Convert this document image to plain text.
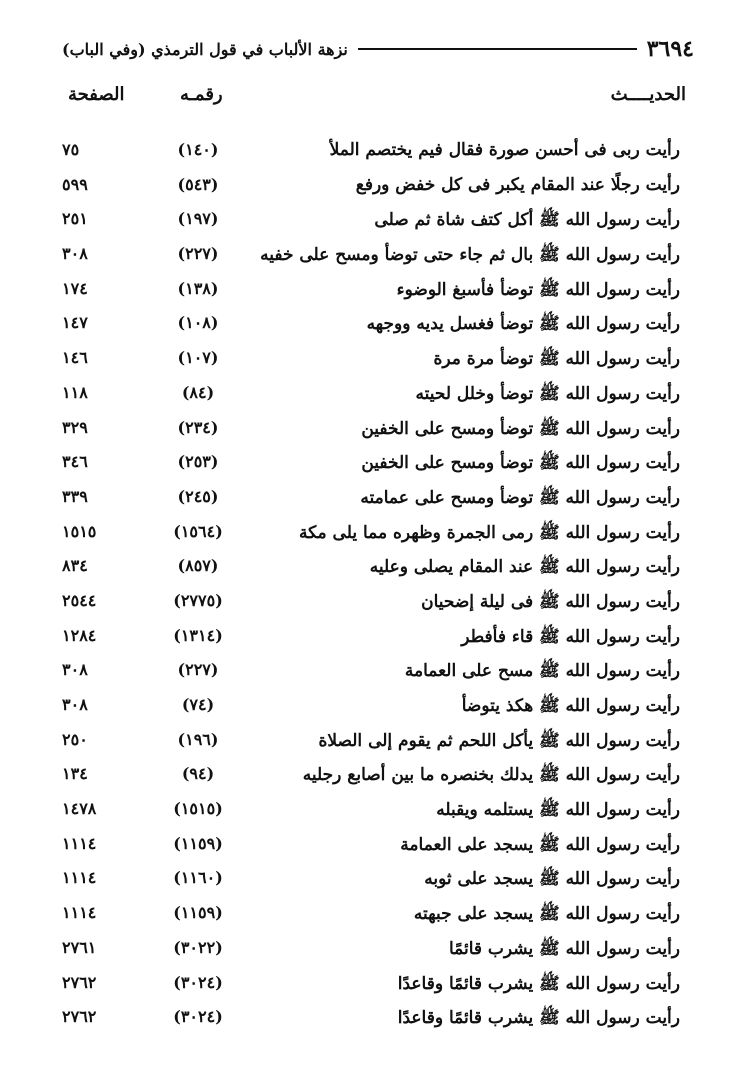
٣٦٩٤
نزهة الألباب في قول الترمذي (وفي الباب)
الحديــــث
رقمـه
الصفحة
رأيت ربى فى أحسن صورة فقال فيم يختصم الملأ
(١٤٠)
٧٥
رأيت رجلًا عند المقام يكبر فى كل خفض ورفع
(٥٤٣)
٥٩٩
رأيت رسول الله ﷺ أكل كتف شاة ثم صلى
(١٩٧)
٢٥١
رأيت رسول الله ﷺ بال ثم جاء حتى توضأ ومسح على خفيه
(٢٢٧)
٣٠٨
رأيت رسول الله ﷺ توضأ فأسبغ الوضوء
(١٣٨)
١٧٤
رأيت رسول الله ﷺ توضأ فغسل يديه ووجهه
(١٠٨)
١٤٧
رأيت رسول الله ﷺ توضأ مرة مرة
(١٠٧)
١٤٦
رأيت رسول الله ﷺ توضأ وخلل لحيته
(٨٤)
١١٨
رأيت رسول الله ﷺ توضأ ومسح على الخفين
(٢٣٤)
٣٢٩
رأيت رسول الله ﷺ توضأ ومسح على الخفين
(٢٥٣)
٣٤٦
رأيت رسول الله ﷺ توضأ ومسح على عمامته
(٢٤٥)
٣٣٩
رأيت رسول الله ﷺ رمى الجمرة وظهره مما يلى مكة
(١٥٦٤)
١٥١٥
رأيت رسول الله ﷺ عند المقام يصلى وعليه
(٨٥٧)
٨٣٤
رأيت رسول الله ﷺ فى ليلة إضحيان
(٢٧٧٥)
٢٥٤٤
رأيت رسول الله ﷺ قاء فأفطر
(١٣١٤)
١٢٨٤
رأيت رسول الله ﷺ مسح على العمامة
(٢٢٧)
٣٠٨
رأيت رسول الله ﷺ هكذ يتوضأ
(٧٤)
٣٠٨
رأيت رسول الله ﷺ يأكل اللحم ثم يقوم إلى الصلاة
(١٩٦)
٢٥٠
رأيت رسول الله ﷺ يدلك بخنصره ما بين أصابع رجليه
(٩٤)
١٣٤
رأيت رسول الله ﷺ يستلمه ويقبله
(١٥١٥)
١٤٧٨
رأيت رسول الله ﷺ يسجد على العمامة
(١١٥٩)
١١١٤
رأيت رسول الله ﷺ يسجد على ثوبه
(١١٦٠)
١١١٤
رأيت رسول الله ﷺ يسجد على جبهته
(١١٥٩)
١١١٤
رأيت رسول الله ﷺ يشرب قائمًا
(٣٠٢٢)
٢٧٦١
رأيت رسول الله ﷺ يشرب قائمًا وقاعدًا
(٣٠٢٤)
٢٧٦٢
رأيت رسول الله ﷺ يشرب قائمًا وقاعدًا
(٣٠٢٤)
٢٧٦٢
